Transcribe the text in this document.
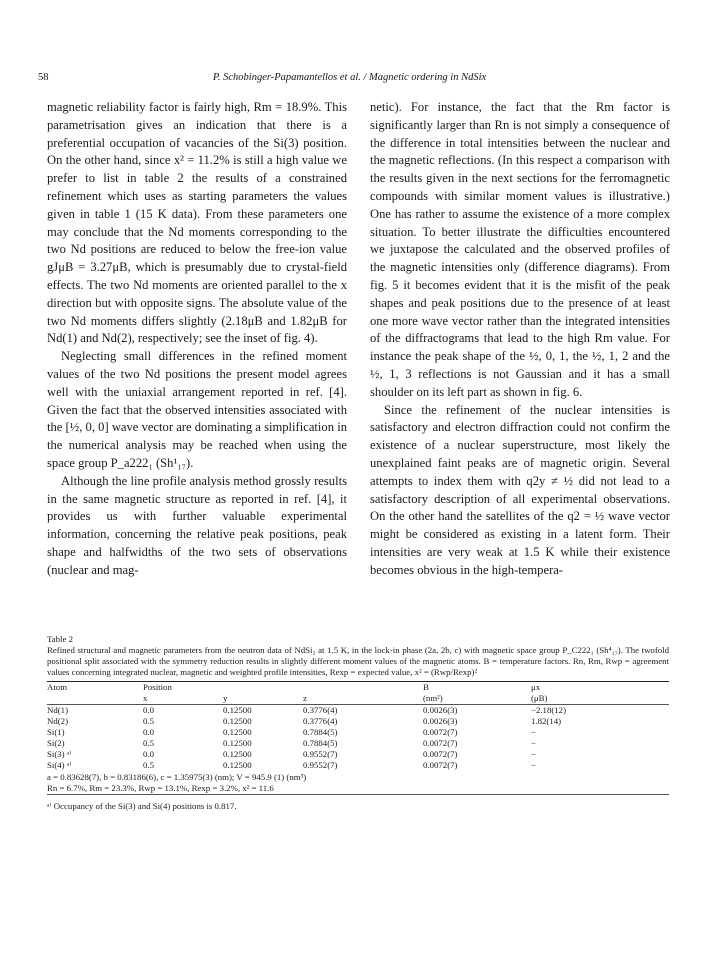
58	P. Schobinger-Papamantellos et al. / Magnetic ordering in NdSix

magnetic reliability factor is fairly high, Rm = 18.9%. This parametrisation gives an indication that there is a preferential occupation of vacancies of the Si(3) position. On the other hand, since x² = 11.2% is still a high value we prefer to list in table 2 the results of a constrained refinement which uses as starting parameters the values given in table 1 (15 K data). From these parameters one may conclude that the Nd moments corresponding to the two Nd positions are reduced to below the free-ion value gJμB = 3.27μB, which is presumably due to crystal-field effects. The two Nd moments are oriented parallel to the x direction but with opposite signs. The absolute value of the two Nd moments differs slightly (2.18μB and 1.82μB for Nd(1) and Nd(2), respectively; see the inset of fig. 4).

Neglecting small differences in the refined moment values of the two Nd positions the present model agrees well with the uniaxial arrangement reported in ref. [4]. Given the fact that the observed intensities associated with the [½, 0, 0] wave vector are dominating a simplification in the numerical analysis may be reached when using the space group P_a222₁ (Sh¹₁₇).

Although the line profile analysis method grossly results in the same magnetic structure as reported in ref. [4], it provides us with further valuable experimental information, concerning the relative peak positions, peak shape and halfwidths of the two sets of observations (nuclear and mag-

netic). For instance, the fact that the Rm factor is significantly larger than Rn is not simply a consequence of the difference in total intensities between the nuclear and the magnetic reflections. (In this respect a comparison with the results given in the next sections for the ferromagnetic compounds with similar moment values is illustrative.) One has rather to assume the existence of a more complex situation. To better illustrate the difficulties encountered we juxtapose the calculated and the observed profiles of the magnetic intensities only (difference diagrams). From fig. 5 it becomes evident that it is the misfit of the peak shapes and peak positions due to the presence of at least one more wave vector rather than the integrated intensities of the diffractograms that lead to the high Rm value. For instance the peak shape of the ½, 0, 1, the ½, 1, 2 and the ½, 1, 3 reflections is not Gaussian and it has a small shoulder on its left part as shown in fig. 6.

Since the refinement of the nuclear intensities is satisfactory and electron diffraction could not confirm the existence of a nuclear superstructure, most likely the unexplained faint peaks are of magnetic origin. Several attempts to index them with q2y ≠ ½ did not lead to a satisfactory description of all experimental observations. On the other hand the satellites of the q2 = ½ wave vector might be considered as existing in a latent form. Their intensities are very weak at 1.5 K while their existence becomes obvious in the high-tempera-

Table 2

Refined structural and magnetic parameters from the neutron data of NdSi₂ at 1.5 K, in the lock-in phase (2a, 2b, c) with magnetic space group P_C222₁ (Sh⁴₁₇). The twofold positional split associated with the symmetry reduction results in slightly different moment values of the magnetic atoms. B = temperature factors. Rn, Rm, Rwp = agreement values concerning integrated nuclear, magnetic and weighted profile intensities, Rexp = expected value, x² = (Rwp/Rexp)²

Atom	Position			B	μx
	x	y	z	(nm²)	(μB)
Nd(1)	0.0	0.12500	0.3776(4)	0.0026(3)	−2.18(12)
Nd(2)	0.5	0.12500	0.3776(4)	0.0026(3)	1.82(14)
Si(1)	0.0	0.12500	0.7884(5)	0.0072(7)	−
Si(2)	0.5	0.12500	0.7884(5)	0.0072(7)	−
Si(3) ᵃ⁾	0.0	0.12500	0.9552(7)	0.0072(7)	−
Si(4) ᵃ⁾	0.5	0.12500	0.9552(7)	0.0072(7)	−
a = 0.83628(7), b = 0.83186(6), c = 1.35975(3) (nm); V = 945.9 (1) (nm³)
Rn = 6.7%, Rm = 23.3%, Rwp = 13.1%, Rexp = 3.2%, x² = 11.6
ᵃ⁾ Occupancy of the Si(3) and Si(4) positions is 0.817.
